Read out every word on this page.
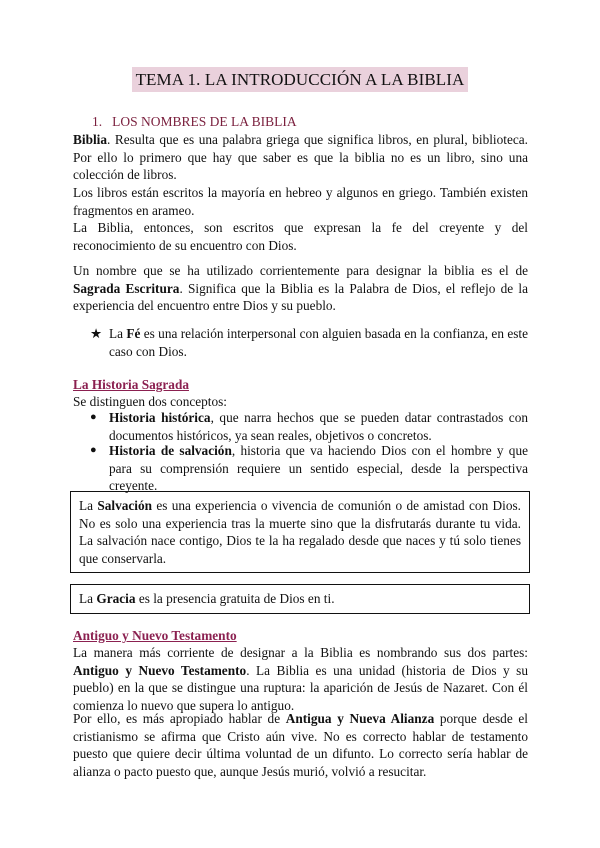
TEMA 1. LA INTRODUCCIÓN A LA BIBLIA
1. LOS NOMBRES DE LA BIBLIA
Biblia. Resulta que es una palabra griega que significa libros, en plural, biblioteca. Por ello lo primero que hay que saber es que la biblia no es un libro, sino una colección de libros.
Los libros están escritos la mayoría en hebreo y algunos en griego. También existen fragmentos en arameo.
La Biblia, entonces, son escritos que expresan la fe del creyente y del reconocimiento de su encuentro con Dios.
Un nombre que se ha utilizado corrientemente para designar la biblia es el de Sagrada Escritura. Significa que la Biblia es la Palabra de Dios, el reflejo de la experiencia del encuentro entre Dios y su pueblo.
★ La Fé es una relación interpersonal con alguien basada en la confianza, en este caso con Dios.
La Historia Sagrada
Se distinguen dos conceptos:
● Historia histórica, que narra hechos que se pueden datar contrastados con documentos históricos, ya sean reales, objetivos o concretos.
● Historia de salvación, historia que va haciendo Dios con el hombre y que para su comprensión requiere un sentido especial, desde la perspectiva creyente.
La Salvación es una experiencia o vivencia de comunión o de amistad con Dios. No es solo una experiencia tras la muerte sino que la disfrutarás durante tu vida. La salvación nace contigo, Dios te la ha regalado desde que naces y tú solo tienes que conservarla.
La Gracia es la presencia gratuita de Dios en ti.
Antiguo y Nuevo Testamento
La manera más corriente de designar a la Biblia es nombrando sus dos partes: Antiguo y Nuevo Testamento. La Biblia es una unidad (historia de Dios y su pueblo) en la que se distingue una ruptura: la aparición de Jesús de Nazaret. Con él comienza lo nuevo que supera lo antiguo.
Por ello, es más apropiado hablar de Antigua y Nueva Alianza porque desde el cristianismo se afirma que Cristo aún vive. No es correcto hablar de testamento puesto que quiere decir última voluntad de un difunto. Lo correcto sería hablar de alianza o pacto puesto que, aunque Jesús murió, volvió a resucitar.
